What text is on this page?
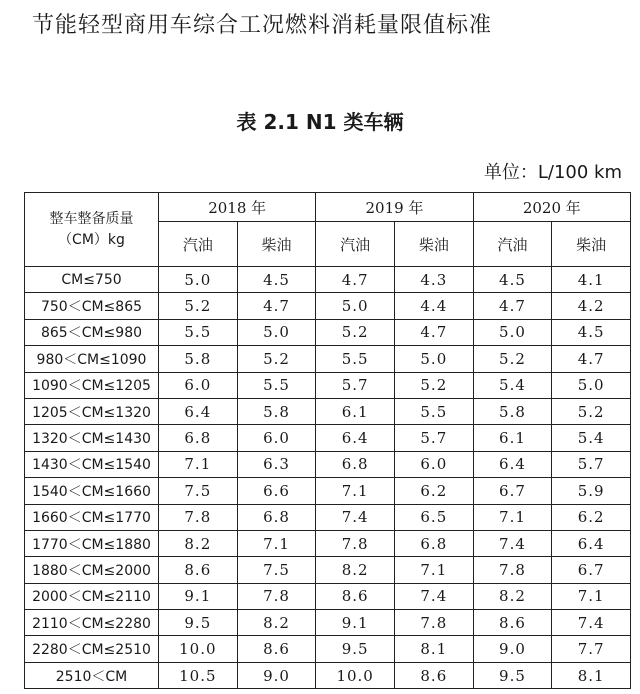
节能轻型商用车综合工况燃料消耗量限值标准
表 2.1 N1 类车辆
单位：L/100 km
整车整备质量
（CM）kg	2018 年		2019 年		2020 年	
	汽油	柴油	汽油	柴油	汽油	柴油
CM≤750	5.0	4.5	4.7	4.3	4.5	4.1
750＜CM≤865	5.2	4.7	5.0	4.4	4.7	4.2
865＜CM≤980	5.5	5.0	5.2	4.7	5.0	4.5
980＜CM≤1090	5.8	5.2	5.5	5.0	5.2	4.7
1090＜CM≤1205	6.0	5.5	5.7	5.2	5.4	5.0
1205＜CM≤1320	6.4	5.8	6.1	5.5	5.8	5.2
1320＜CM≤1430	6.8	6.0	6.4	5.7	6.1	5.4
1430＜CM≤1540	7.1	6.3	6.8	6.0	6.4	5.7
1540＜CM≤1660	7.5	6.6	7.1	6.2	6.7	5.9
1660＜CM≤1770	7.8	6.8	7.4	6.5	7.1	6.2
1770＜CM≤1880	8.2	7.1	7.8	6.8	7.4	6.4
1880＜CM≤2000	8.6	7.5	8.2	7.1	7.8	6.7
2000＜CM≤2110	9.1	7.8	8.6	7.4	8.2	7.1
2110＜CM≤2280	9.5	8.2	9.1	7.8	8.6	7.4
2280＜CM≤2510	10.0	8.6	9.5	8.1	9.0	7.7
2510＜CM	10.5	9.0	10.0	8.6	9.5	8.1
